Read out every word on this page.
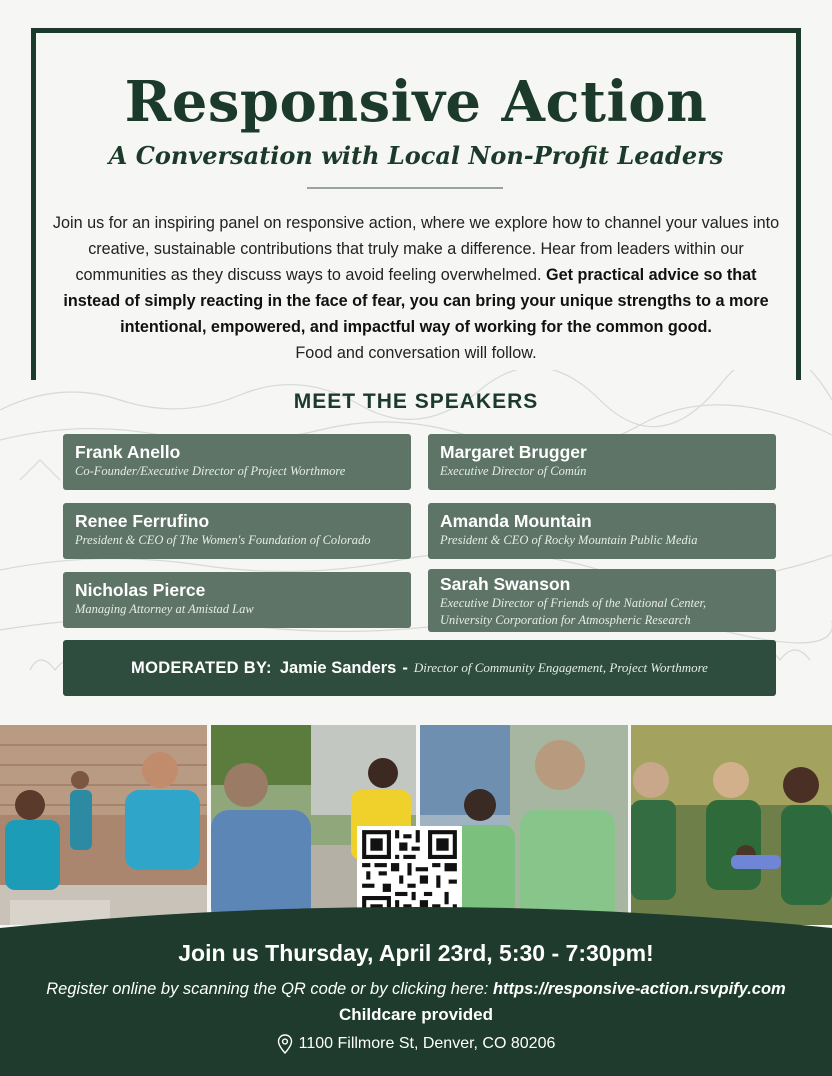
Responsive Action
A Conversation with Local Non-Profit Leaders
Join us for an inspiring panel on responsive action, where we explore how to channel your values into creative, sustainable contributions that truly make a difference. Hear from leaders within our communities as they discuss ways to avoid feeling overwhelmed. Get practical advice so that instead of simply reacting in the face of fear, you can bring your unique strengths to a more intentional, empowered, and impactful way of working for the common good.
Food and conversation will follow.
MEET THE SPEAKERS
Frank Anello
Co-Founder/Executive Director of Project Worthmore
Margaret Brugger
Executive Director of Común
Renee Ferrufino
President & CEO of The Women's Foundation of Colorado
Amanda Mountain
President & CEO of Rocky Mountain Public Media
Nicholas Pierce
Managing Attorney at Amistad Law
Sarah Swanson
Executive Director of Friends of the National Center, University Corporation for Atmospheric Research
MODERATED BY: Jamie Sanders - Director of Community Engagement, Project Worthmore
Join us Thursday, April 23rd, 5:30 - 7:30pm!
Register online by scanning the QR code or by clicking here: https://responsive-action.rsvpify.com
Childcare provided
1100 Fillmore St, Denver, CO 80206
